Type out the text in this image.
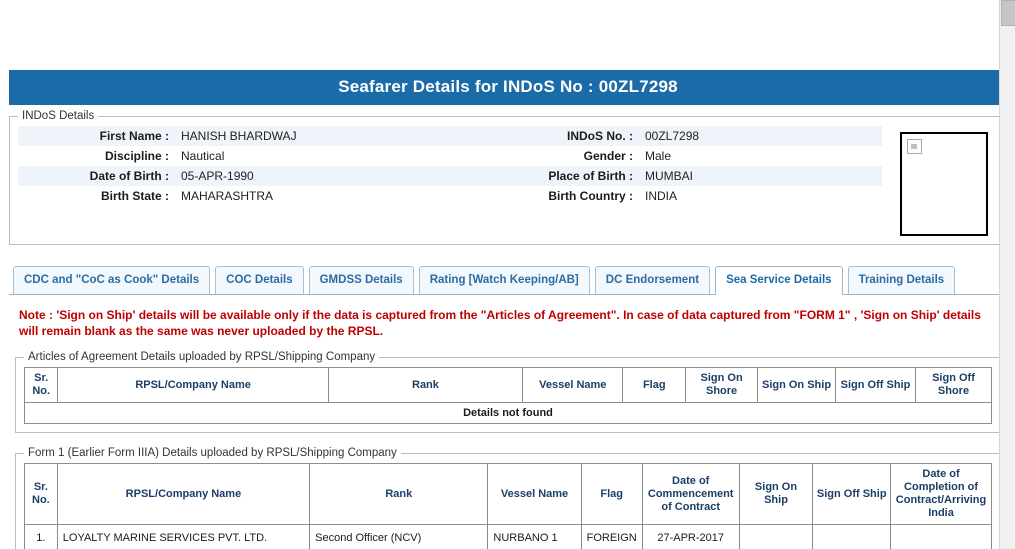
Seafarer Details for INDoS No : 00ZL7298
INDoS Details
First Name :	HANISH BHARDWAJ	INDoS No. :	00ZL7298
Discipline :	Nautical	Gender :	Male
Date of Birth :	05-APR-1990	Place of Birth :	MUMBAI
Birth State :	MAHARASHTRA	Birth Country :	INDIA
CDC and "CoC as Cook" Details	COC Details	GMDSS Details	Rating [Watch Keeping/AB]	DC Endorsement	Sea Service Details	Training Details
Note : 'Sign on Ship' details will be available only if the data is captured from the "Articles of Agreement". In case of data captured from "FORM 1" , 'Sign on Ship' details will remain blank as the same was never uploaded by the RPSL.
Articles of Agreement Details uploaded by RPSL/Shipping Company
Sr. No.	RPSL/Company Name	Rank	Vessel Name	Flag	Sign On Shore	Sign On Ship	Sign Off Ship	Sign Off Shore
Details not found
Form 1 (Earlier Form IIIA) Details uploaded by RPSL/Shipping Company
Sr. No.	RPSL/Company Name	Rank	Vessel Name	Flag	Date of Commencement of Contract	Sign On Ship	Sign Off Ship	Date of Completion of Contract/Arriving India
1.	LOYALTY MARINE SERVICES PVT. LTD.	Second Officer (NCV)	NURBANO 1	FOREIGN	27-APR-2017			
